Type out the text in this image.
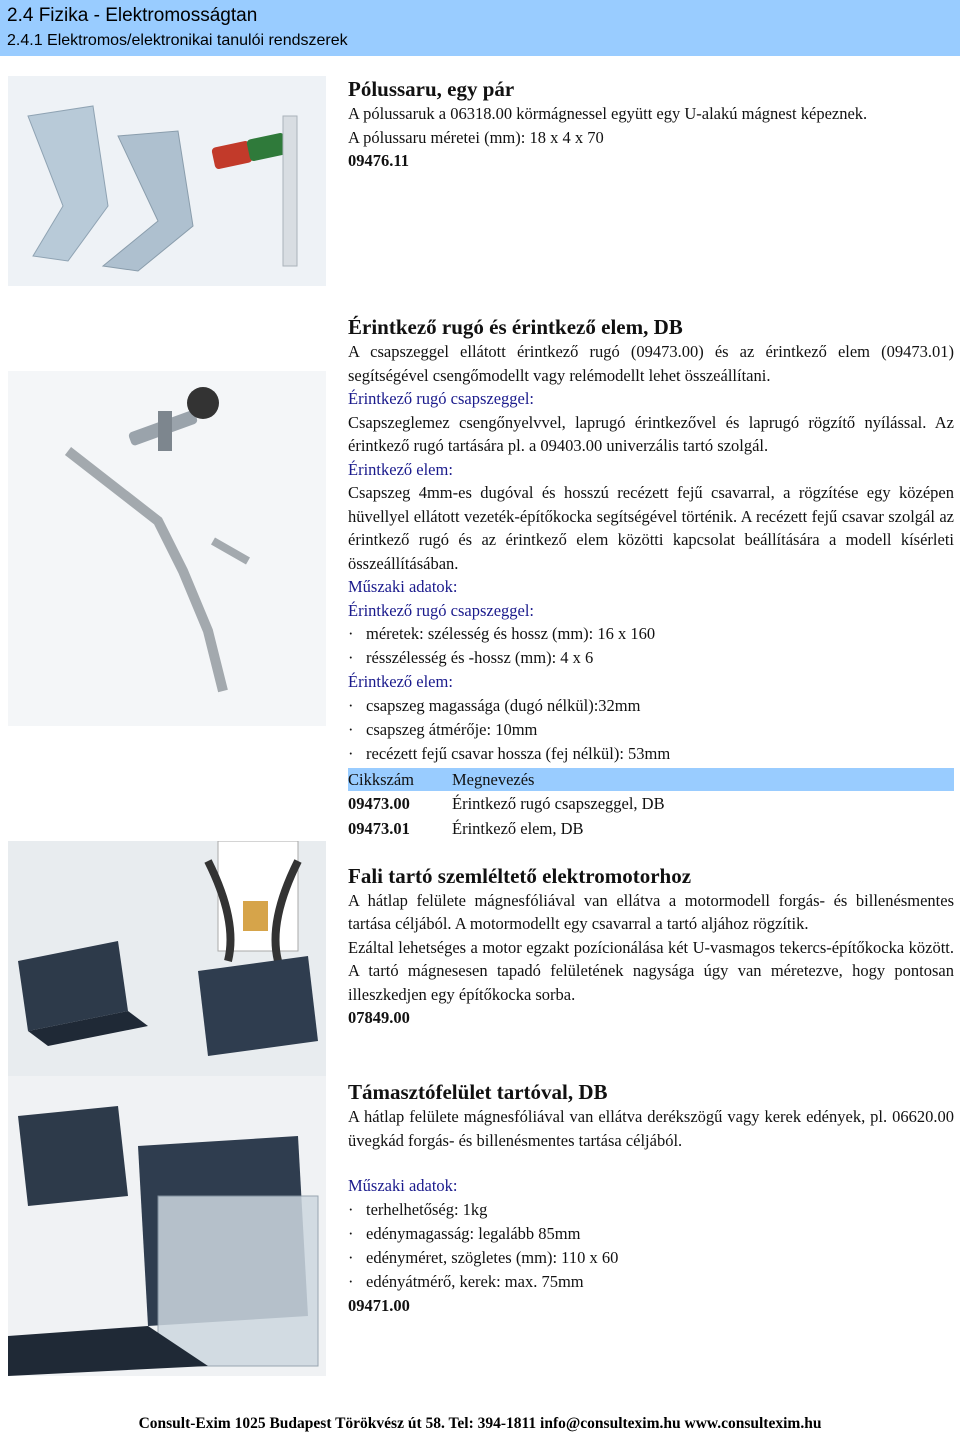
2.4 Fizika - Elektromosságtan
2.4.1 Elektromos/elektronikai tanulói rendszerek

Pólussaru, egy pár

A pólussaruk a 06318.00 körmágnessel együtt egy U-alakú mágnest képeznek.

A pólussaru méretei (mm): 18 x 4 x 70

09476.11

Érintkező rugó és érintkező elem, DB

A csapszeggel ellátott érintkező rugó (09473.00) és az érintkező elem (09473.01) segítségével csengőmodellt vagy relémodellt lehet összeállítani.

Érintkező rugó csapszeggel:

Csapszeglemez csengőnyelvvel, laprugó érintkezővel és laprugó rögzítő nyílással. Az érintkező rugó tartására pl. a 09403.00 univerzális tartó szolgál.

Érintkező elem:

Csapszeg 4mm-es dugóval és hosszú recézett fejű csavarral, a rögzítése egy középen hüvellyel ellátott vezeték-építőkocka segítségével történik. A recézett fejű csavar szolgál az érintkező rugó és az érintkező elem közötti kapcsolat beállítására a modell kísérleti összeállításában.

Műszaki adatok:

Érintkező rugó csapszeggel:

· méretek: szélesség és hossz (mm): 16 x 160

· résszélesség és -hossz (mm): 4 x 6

Érintkező elem:

· csapszeg magassága (dugó nélkül):32mm

· csapszeg átmérője: 10mm

· recézett fejű csavar hossza (fej nélkül): 53mm

Cikkszám	Megnevezés
09473.00	Érintkező rugó csapszeggel, DB
09473.01	Érintkező elem, DB

Fali tartó szemléltető elektromotorhoz

A hátlap felülete mágnesfóliával van ellátva a motormodell forgás- és billenésmentes tartása céljából. A motormodellt egy csavarral a tartó aljához rögzítik.

Ezáltal lehetséges a motor egzakt pozícionálása két U-vasmagos tekercs-építőkocka között. A tartó mágnesesen tapadó felületének nagysága úgy van méretezve, hogy pontosan illeszkedjen egy építőkocka sorba.

07849.00

Támasztófelület tartóval, DB

A hátlap felülete mágnesfóliával van ellátva derékszögű vagy kerek edények, pl. 06620.00 üvegkád forgás- és billenésmentes tartása céljából.

Műszaki adatok:

· terhelhetőség: 1kg

· edénymagasság: legalább 85mm

· edényméret, szögletes (mm): 110 x 60

· edényátmérő, kerek: max. 75mm

09471.00

Consult-Exim 1025 Budapest Törökvész út 58. Tel: 394-1811 info@consultexim.hu www.consultexim.hu
